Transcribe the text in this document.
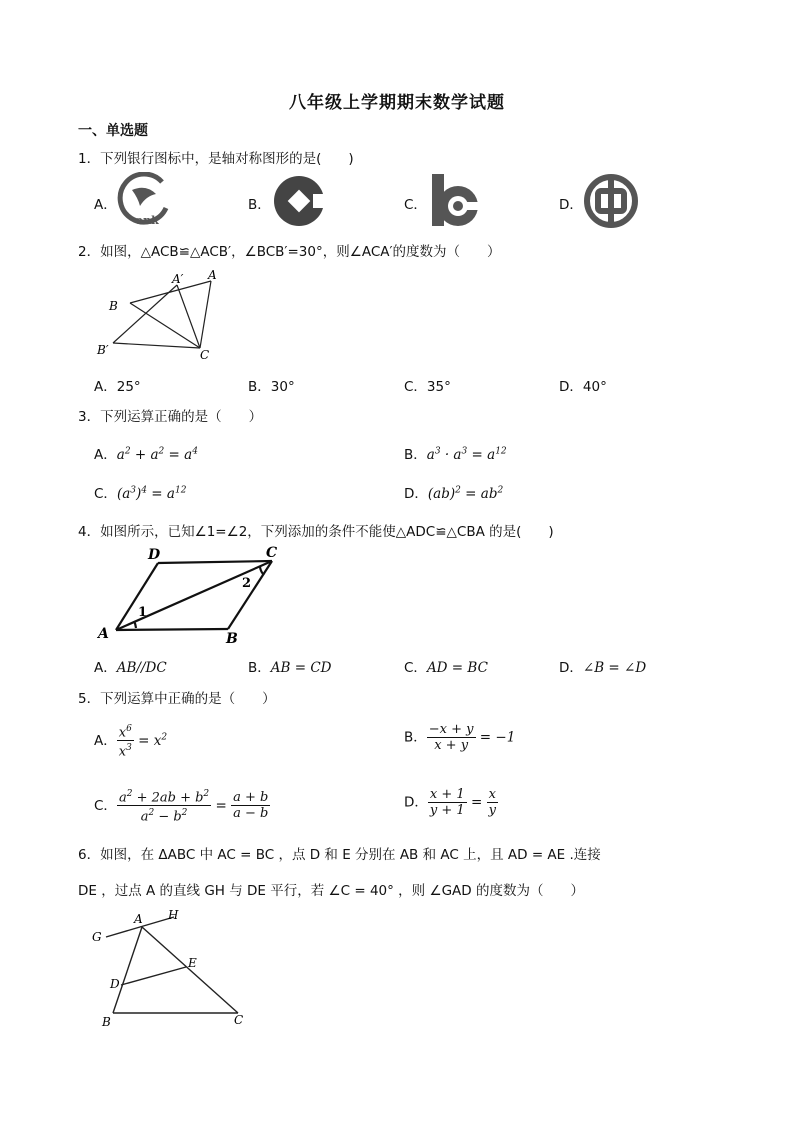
八年级上学期期末数学试题
一、单选题
1．下列银行图标中，是轴对称图形的是(　　)
A．	B．	C．	D．
ank
2．如图，△ACB≌△ACB′，∠BCB′=30°，则∠ACA′的度数为（　　）
A
A′
B
B′	C
A．25°	B．30°	C．35°	D．40°
3．下列运算正确的是（　　）
A．$a^2 + a^2 = a^4$	B．$a^3 \cdot a^3 = a^{12}$
C．$(a^3)^4 = a^{12}$	D．$(ab)^2 = ab^2$
4．如图所示，已知∠1=∠2，下列添加的条件不能使△ADC≌△CBA 的是(　　)
D	C
A	B
1
2
A．AB//DC	B．AB = CD	C．AD = BC	D．∠B = ∠D
5．下列运算中正确的是（　　）
A． $\frac{x^6}{x^3} = x^2$	B． $\frac{-x + y}{x + y} = -1$
C． $\frac{a^2 + 2ab + b^2}{a^2 - b^2} = \frac{a + b}{a - b}$	D． $\frac{x + 1}{y + 1} = \frac{x}{y}$
6．如图，在 ΔABC 中 AC = BC ，点 D 和 E 分别在 AB 和 AC 上，且 AD = AE .连接
DE ，过点 A 的直线 GH 与 DE 平行，若 ∠C = 40° ，则 ∠GAD 的度数为（　　）
A H
G
D
E
B	C
